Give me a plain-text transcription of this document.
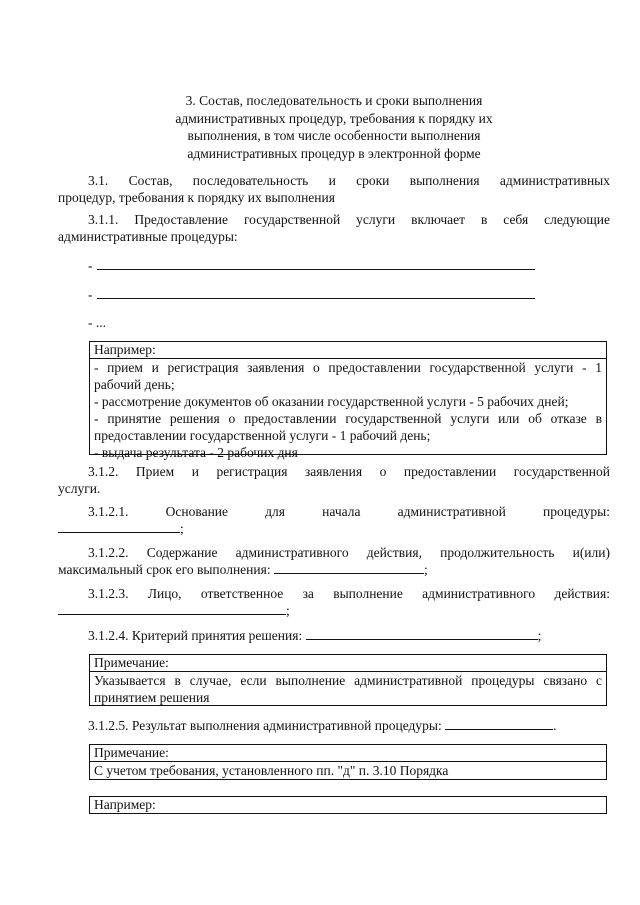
3. Состав, последовательность и сроки выполнения
административных процедур, требования к порядку их
выполнения, в том числе особенности выполнения
административных процедур в электронной форме
3.1. Состав, последовательность и сроки выполнения административных
процедур, требования к порядку их выполнения
3.1.1. Предоставление государственной услуги включает в себя следующие
административные процедуры:
-
-
- ...
Например:
- прием и регистрация заявления о предоставлении государственной услуги - 1
рабочий день;
- рассмотрение документов об оказании государственной услуги - 5 рабочих дней;
- принятие решения о предоставлении государственной услуги или об отказе в
предоставлении государственной услуги - 1 рабочий день;
- выдача результата - 2 рабочих дня
3.1.2. Прием и регистрация заявления о предоставлении государственной
услуги.
3.1.2.1. Основание для начала административной процедуры:
;
3.1.2.2. Содержание административного действия, продолжительность и(или)
максимальный срок его выполнения:	;
3.1.2.3. Лицо, ответственное за выполнение административного действия:
;
3.1.2.4. Критерий принятия решения:	;
Примечание:
Указывается в случае, если выполнение административной процедуры связано с
принятием решения
3.1.2.5. Результат выполнения административной процедуры:	.
Примечание:
С учетом требования, установленного пп. "д" п. 3.10 Порядка
Например:
